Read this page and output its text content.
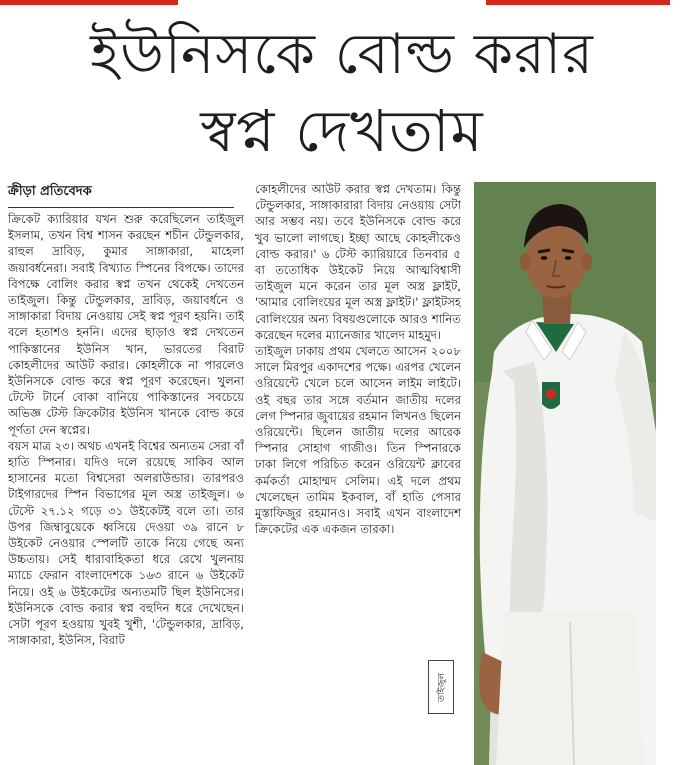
ইউনিসকে বোল্ড করার
স্বপ্ন দেখতাম
ক্রীড়া প্রতিবেদক

ক্রিকেট ক্যারিয়ার যখন শুরু করেছিলেন তাইজুল ইসলাম, তখন বিশ্ব শাসন করছেন শচীন টেন্ডুলকার, রাহুল দ্রাবিড়, কুমার সাঙ্গাকারা, মাহেলা জয়াবর্ধনেরা। সবাই বিখ্যাত স্পিনের বিপক্ষে। তাদের বিপক্ষে বোলিং করার স্বপ্ন তখন থেকেই দেখতেন তাইজুল। কিন্তু টেন্ডুলকার, দ্রাবিড়, জয়াবর্ধনে ও সাঙ্গাকারা বিদায় নেওয়ায় সেই স্বপ্ন পূরণ হয়নি। তাই বলে হতাশও হননি। এদের ছাড়াও স্বপ্ন দেখতেন পাকিস্তানের ইউনিস খান, ভারতের বিরাট কোহলীদের আউট করার। কোহলীকে না পারলেও ইউনিসকে বোল্ড করে স্বপ্ন পূরণ করেছেন। খুলনা টেস্টে টার্নে বোকা বানিয়ে পাকিস্তানের সবচেয়ে অভিজ্ঞ টেস্ট ক্রিকেটার ইউনিস খানকে বোল্ড করে পূর্ণতা দেন স্বপ্নের।

বয়স মাত্র ২৩। অথচ এখনই বিশ্বের অন্যতম সেরা বাঁ হাতি স্পিনার। যদিও দলে রয়েছে সাকিব আল হাসানের মতো বিশ্বসেরা অলরাউন্ডার। তারপরও টাইগারদের স্পিন বিভাগের মূল অস্ত্র তাইজুল। ৬ টেস্টে ২৭.১২ গড়ে ৩১ উইকেটই বলে তা। তার উপর জিম্বাবুয়েকে ধ্বসিয়ে দেওয়া ৩৯ রানে ৮ উইকেট নেওয়ার স্পেলটি তাকে নিয়ে গেছে অন্য উচ্চতায়। সেই ধারাবাহিকতা ধরে রেখে খুলনায় ম্যাচে ফেরান বাংলাদেশকে ১৬৩ রানে ৬ উইকেট নিয়ে। ওই ৬ উইকেটের অন্যতমটি ছিল ইউনিসের। ইউনিসকে বোল্ড করার স্বপ্ন বহুদিন ধরে দেখেছেন। সেটা পূরণ হওয়ায় খুবই খুশী, 'টেন্ডুলকার, দ্রাবিড়, সাঙ্গাকারা, ইউনিস, বিরাট

কোহলীদের আউট করার স্বপ্ন দেখতাম। কিন্তু টেন্ডুলকার, সাঙ্গাকারারা বিদায় নেওয়ায় সেটা আর সম্ভব নয়। তবে ইউনিসকে বোল্ড করে খুব ভালো লাগছে। ইচ্ছা আছে কোহলীকেও বোল্ড করার।' ৬ টেস্ট ক্যারিয়ারে তিনবার ৫ বা ততোধিক উইকেট নিয়ে আত্মবিশ্বাসী তাইজুল মনে করেন তার মূল অস্ত্র ফ্লাইট, 'আমার বোলিংয়ের মূল অস্ত্র ফ্লাইট।' ফ্লাইটসহ বোলিংয়ের অন্য বিষয়গুলোকে আরও শানিত করেছেন দলের ম্যানেজার খালেদ মাহমুদ।

তাইজুল ঢাকায় প্রথম খেলতে আসেন ২০০৮ সালে মিরপুর একাদশের পক্ষে। এরপর খেলেন ওরিয়েন্টে খেলে চলে আসেন লাইম লাইটে। ওই বছর তার সঙ্গে বর্তমান জাতীয় দলের লেগ স্পিনার জুবায়ের রহমান লিখনও ছিলেন ওরিয়েন্টে। ছিলেন জাতীয় দলের আরেক স্পিনার সোহাগ গাজীও। তিন স্পিনারকে ঢাকা লিগে পরিচিত করেন ওরিয়েন্ট ক্লাবের কর্মকর্তা মোহাম্মদ সেলিম। এই দলে প্রথম খেলেছেন তামিম ইকবাল, বাঁ হাতি পেসার মুস্তাফিজুর রহমানও। সবাই এখন বাংলাদেশ ক্রিকেটের এক একজন তারকা।

তাইজুল
